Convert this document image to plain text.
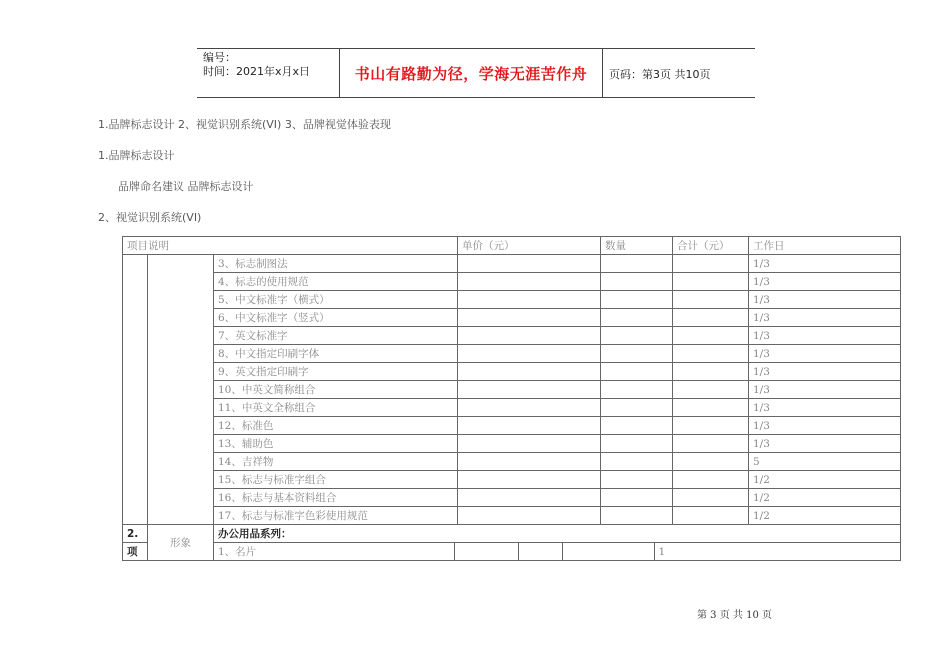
编号：
时间：2021年x月x日	书山有路勤为径，学海无涯苦作舟	页码：第3页 共10页
1.品牌标志设计 2、视觉识别系统(VI) 3、品牌视觉体验表现
1.品牌标志设计
品牌命名建议 品牌标志设计
2、视觉识别系统(VI)
项目说明	单价（元）	数量	合计（元）	工作日
		3、标志制图法				1/3
4、标志的使用规范				1/3
5、中文标准字（横式）				1/3
6、中文标准字（竖式）				1/3
7、英文标准字				1/3
8、中文指定印刷字体				1/3
9、英文指定印刷字				1/3
10、中英文简称组合				1/3
11、中英文全称组合				1/3
12、标准色				1/3
13、辅助色				1/3
14、吉祥物				5
15、标志与标准字组合				1/2
16、标志与基本资料组合				1/2
17、标志与标准字色彩使用规范				1/2
2.	形象	办公用品系列：
项		1、名片				1
第 3 页 共 10 页
